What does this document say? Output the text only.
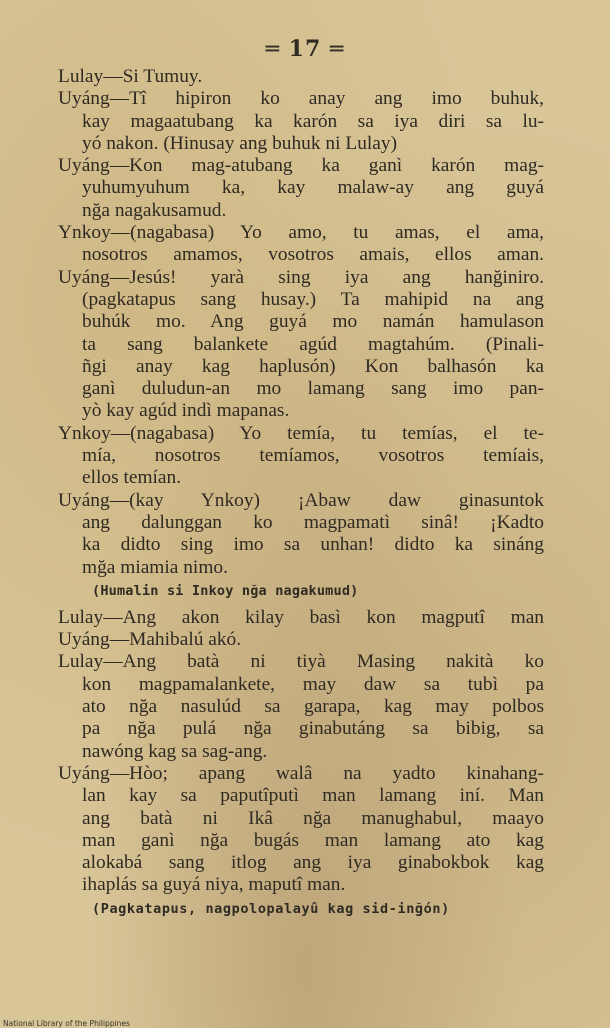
═ 17 ═
Lulay—Si Tumuy.
Uyáng—Tî hipiron ko anay ang imo buhuk,
kay magaatubang ka karón sa iya diri sa lu-
yó nakon. (Hinusay ang buhuk ni Lulay)
Uyáng—Kon mag-atubang ka ganì karón mag-
yuhumyuhum ka, kay malaw-ay ang guyá
nğa nagakusamud.
Ynkoy—(nagabasa) Yo amo, tu amas, el ama,
nosotros amamos, vosotros amais, ellos aman.
Uyáng—Jesús! yarà sing iya ang hanğiniro.
(pagkatapus sang husay.) Ta mahipid na ang
buhúk mo. Ang guyá mo namán hamulason
ta sang balankete agúd magtahúm. (Pinali-
ñgi anay kag haplusón) Kon balhasón ka
ganì duludun-an mo lamang sang imo pan-
yò kay agúd indì mapanas.
Ynkoy—(nagabasa) Yo temía, tu temías, el te-
mía, nosotros temíamos, vosotros temíais,
ellos temían.
Uyáng—(kay Ynkoy) ¡Abaw daw ginasuntok
ang dalunggan ko magpamatì sinâ! ¡Kadto
ka didto sing imo sa unhan! didto ka sináng
mğa miamia nimo.
(Humalin si Inkoy nğa nagakumud)
Lulay—Ang akon kilay basì kon magputî man
Uyáng—Mahibalú akó.
Lulay—Ang batà ni tiyà Masing nakità ko
kon magpamalankete, may daw sa tubì pa
ato nğa nasulúd sa garapa, kag may polbos
pa nğa pulá nğa ginabutáng sa bibig, sa
nawóng kag sa sag-ang.
Uyáng—Hòo; apang walâ na yadto kinahang-
lan kay sa paputîputì man lamang iní. Man
ang batà ni Ikâ nğa manughabul, maayo
man ganì nğa bugás man lamang ato kag
alokabá sang itlog ang iya ginabokbok kag
ihaplás sa guyá niya, maputî man.
(Pagkatapus, nagpolopalayû kag sid-inğón)
National Library of the Philippines
